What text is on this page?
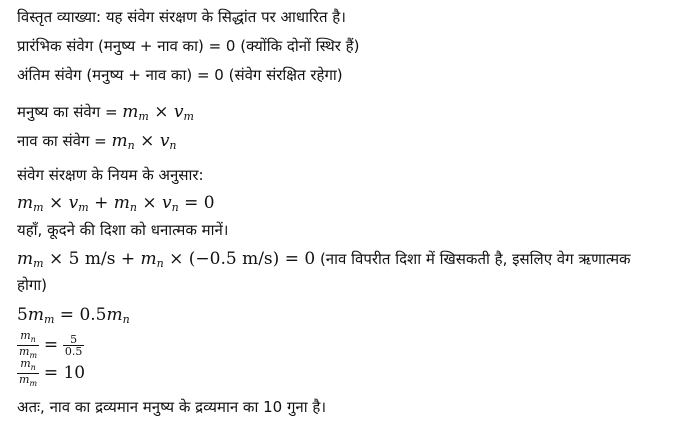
विस्तृत व्याख्या: यह संवेग संरक्षण के सिद्धांत पर आधारित है।
प्रारंभिक संवेग (मनुष्य + नाव का) = 0 (क्योंकि दोनों स्थिर हैं)
अंतिम संवेग (मनुष्य + नाव का) = 0 (संवेग संरक्षित रहेगा)
मनुष्य का संवेग = $m_m \times v_m$
नाव का संवेग = $m_n \times v_n$
संवेग संरक्षण के नियम के अनुसार:
$m_m \times v_m + m_n \times v_n = 0$
यहाँ, कूदने की दिशा को धनात्मक मानें।
$m_m \times 5$ $m/s + m_n \times (-0.5$ m/s) = 0 (नाव विपरीत दिशा में खिसकती है, इसलिए वेग ऋणात्मक
होगा)
$5m_m = 0.5m_n$
$\frac{m_n}{m_m} = \frac{5}{0.5}$
$\frac{m_n}{m_m} = 10$
अतः, नाव का द्रव्यमान मनुष्य के द्रव्यमान का 10 गुना है।
